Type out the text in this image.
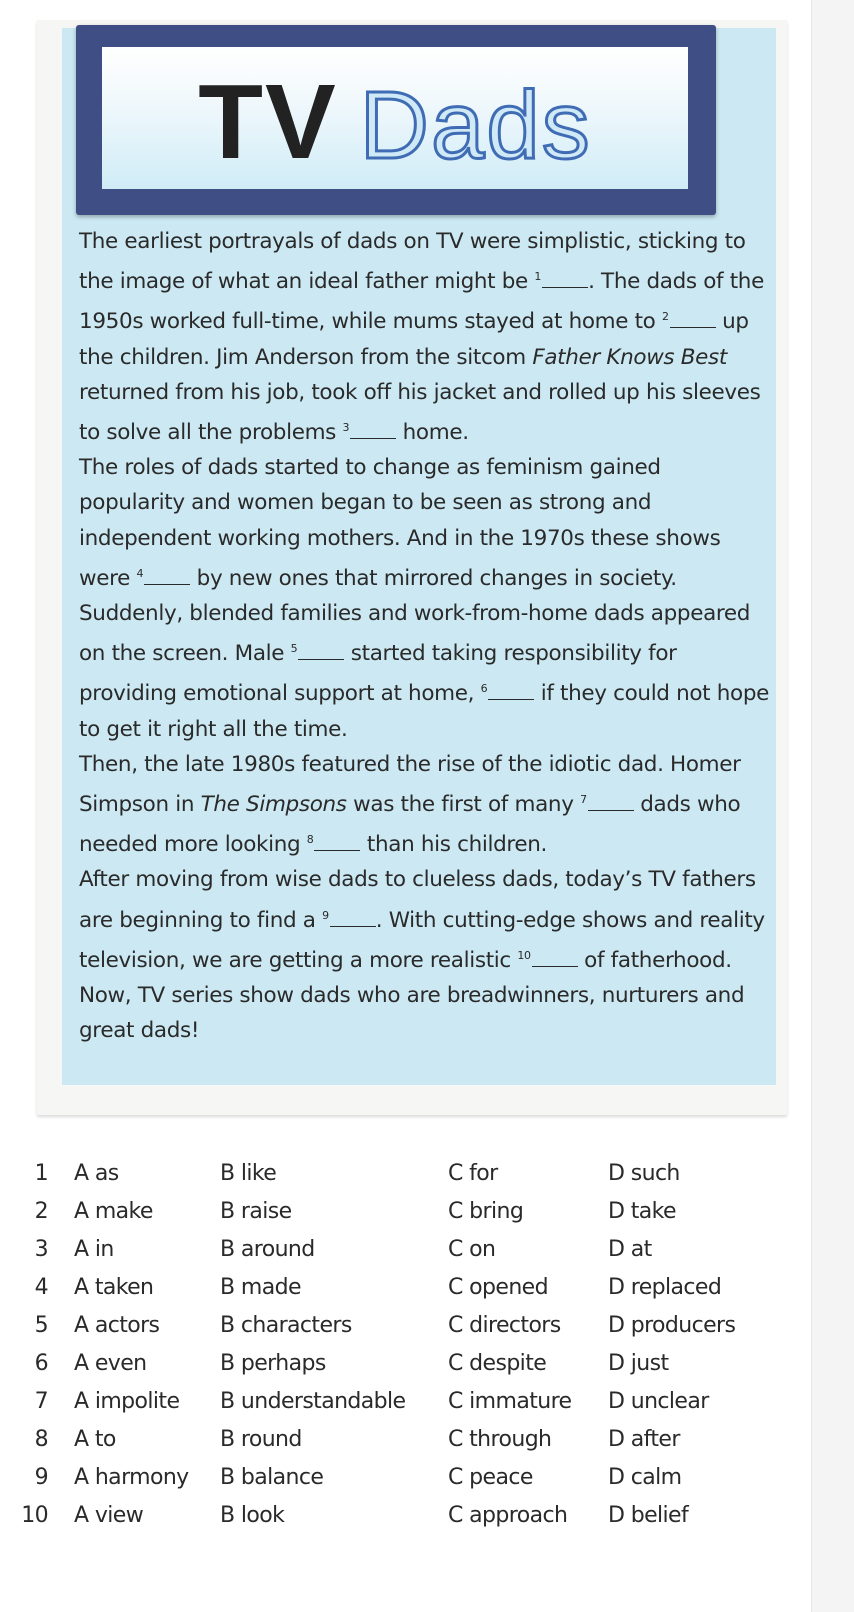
TV Dads

The earliest portrayals of dads on TV were simplistic, sticking to the image of what an ideal father might be $^1$ . The dads of the 1950s worked full-time, while mums stayed at home to $^2$ up the children. Jim Anderson from the sitcom Father Knows Best returned from his job, took off his jacket and rolled up his sleeves to solve all the problems $^3$ home.

The roles of dads started to change as feminism gained popularity and women began to be seen as strong and independent working mothers. And in the 1970s these shows were $^4$ by new ones that mirrored changes in society. Suddenly, blended families and work-from-home dads appeared on the screen. Male $^5$ started taking responsibility for providing emotional support at home, $^6$ if they could not hope to get it right all the time.

Then, the late 1980s featured the rise of the idiotic dad. Homer Simpson in The Simpsons was the first of many $^7$ dads who needed more looking $^8$ than his children.

After moving from wise dads to clueless dads, today’s TV fathers are beginning to find a $^9$ . With cutting-edge shows and reality television, we are getting a more realistic $^{10}$ of fatherhood. Now, TV series show dads who are breadwinners, nurturers and great dads!

1 A as	B like	C for	D such
2 A make	B raise	C bring	D take
3 A in	B around	C on	D at
4 A taken	B made	C opened	D replaced
5 A actors	B characters	C directors D producers
6 A even	B perhaps	C despite	D just
7 A impolite B understandable C immature D unclear
8 A to	B round	C through	D after
9 A harmony B balance	C peace	D calm
10 A view	B look	C approach D belief
